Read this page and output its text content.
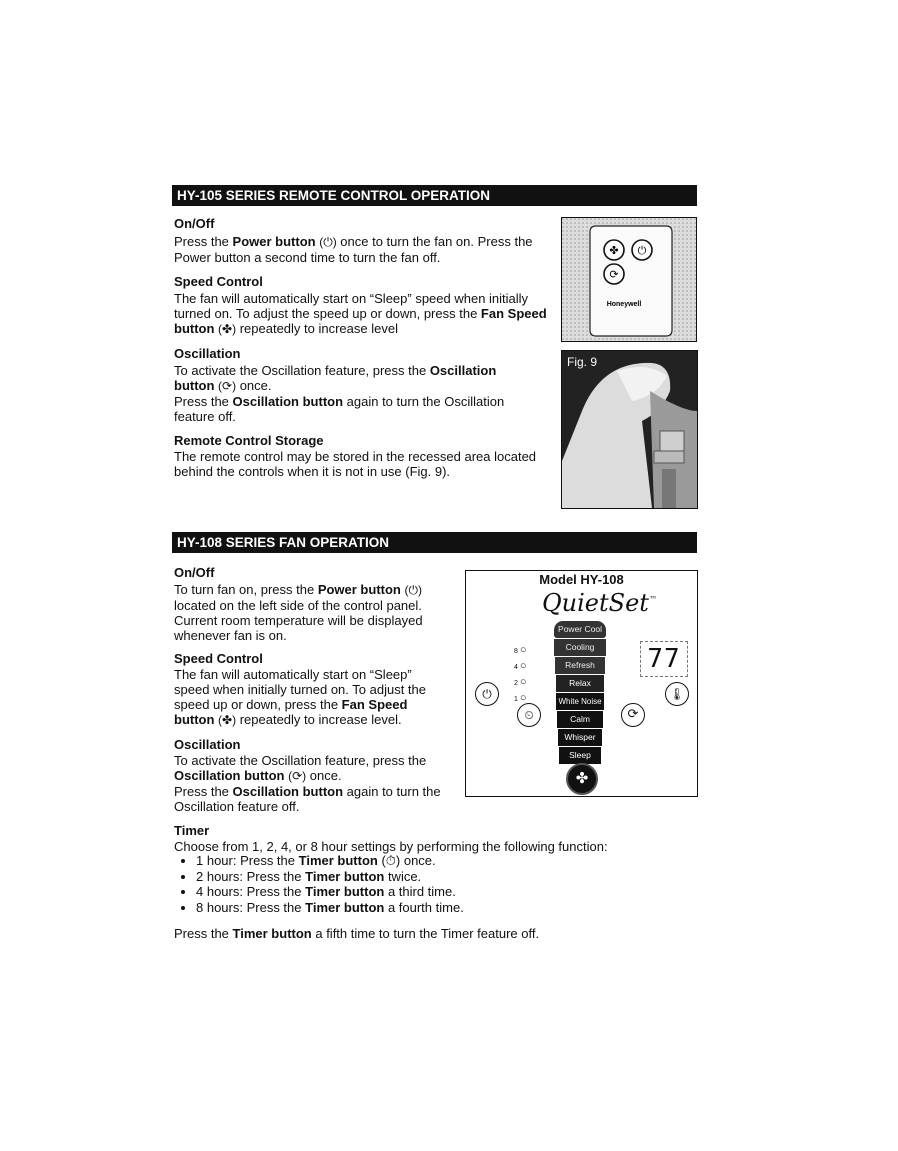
HY-105 SERIES REMOTE CONTROL OPERATION
On/Off
Press the Power button (⏻) once to turn the fan on. Press the Power button a second time to turn the fan off.
Speed Control
The fan will automatically start on “Sleep” speed when initially turned on. To adjust the speed up or down, press the Fan Speed button (✤) repeatedly to increase level
Oscillation
To activate the Oscillation feature, press the Oscillation button (⟳) once.
Press the Oscillation button again to turn the Oscillation feature off.
Remote Control Storage
The remote control may be stored in the recessed area located behind the controls when it is not in use (Fig. 9).
✤ ⏻
⟳
Honeywell
Fig. 9
HY-108 SERIES FAN OPERATION
On/Off
To turn fan on, press the Power button (⏻) located on the left side of the control panel. Current room temperature will be displayed whenever fan is on.
Speed Control
The fan will automatically start on “Sleep” speed when initially turned on. To adjust the speed up or down, press the Fan Speed button (✤) repeatedly to increase level.
Oscillation
To activate the Oscillation feature, press the Oscillation button (⟳) once.
Press the Oscillation button again to turn the Oscillation feature off.
Model HY-108
QuietSet™
8 ○
4 ○
2 ○
1 ○
Power Cool
Cooling
Refresh
Relax
White Noise
Calm
Whisper
Sleep
✤
⏻
⏲	⟳
77
🌡
Timer
Choose from 1, 2, 4, or 8 hour settings by performing the following function:
• 1 hour: Press the Timer button (⏱) once.
• 2 hours: Press the Timer button twice.
• 4 hours: Press the Timer button a third time.
• 8 hours: Press the Timer button a fourth time.
Press the Timer button a fifth time to turn the Timer feature off.
